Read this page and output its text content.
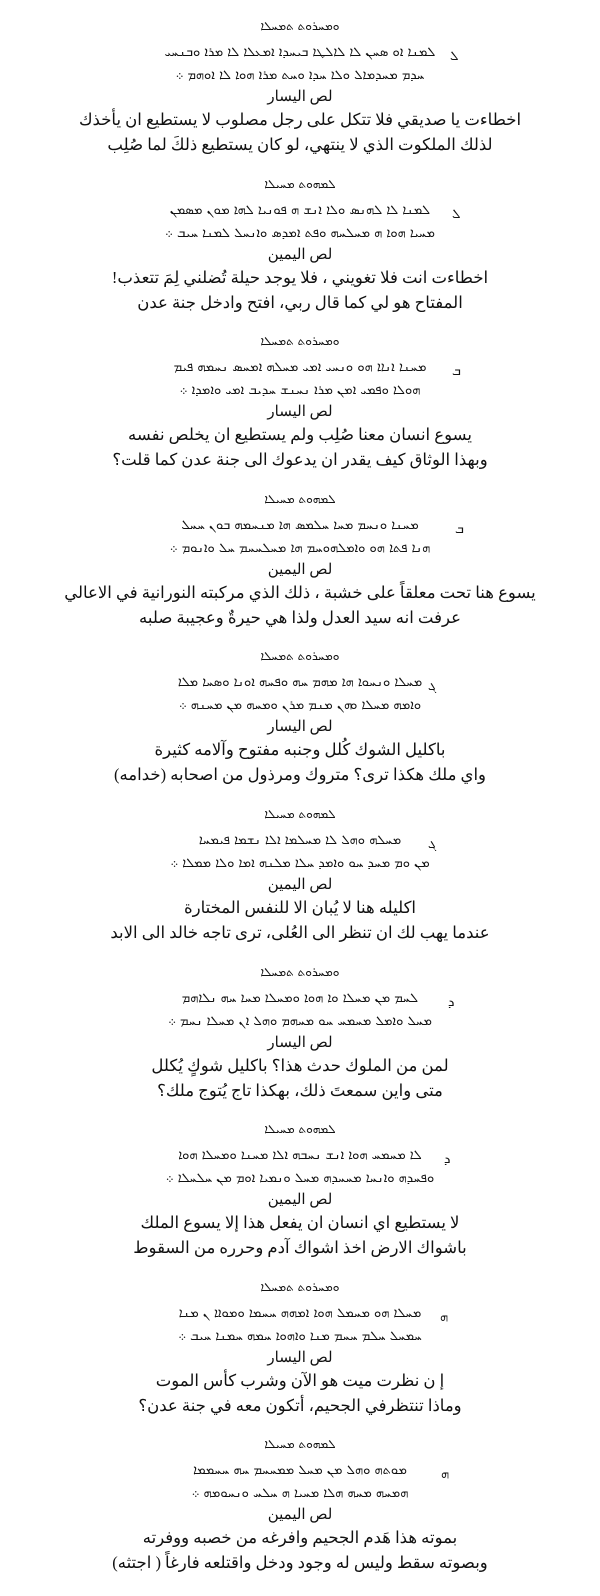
ܘܡܚܪܘܬ ܬܡܚܠܐ
ܠܡܢܐ ܐܘ ܣܚܢ ܠܐ ܠܐܠܛܐ ܒܝܚܕܐ ܐܡܥܠܐ ܠܐ ܡܪܐ ܘܒܢܚܝ
ܚܕܡ ܡܚܕܡܐܠ ܘܠܐ ܚܕܐ ܘܚܬ ܡܪܐ ܗܘܐ ܠܐ ܐܘܗܡ ܀
لص اليسار
اخطاءت يا صديقي فلا تتكل على رجل مصلوب لا يستطيع ان يأخذك
لذلك الملكوت الذي لا ينتهي، لو كان يستطيع ذلكَ لما صُلِب
ܠ
ܠܡܗܘܬ ܡܚܝܠܐ
ܠܡܢܐ ܠܐ ܠܗܢܣ ܘܠܐ ܐܢܫ ܗ ܦܘܢܝܐ ܠܗܐ ܡܘܢ ܡܣܡܢ
ܡܚܝܐ ܗܘܐ ܗ ܡܚܠܚܗ ܘܦܬ ܐܡܕܣ ܘܐܢܚܠ ܠܡܢܐ ܚܝܒ ܀
لص اليمين
اخطاءت انت فلا تغويني ، فلا يوجد حيلة تُضلني لِمَ تتعذب!
المفتاح هو لي كما قال ربي، افتح وادخل جنة عدن
ܠ
ܘܡܚܪܘܬ ܬܡܚܠܐ
ܡܚܢܐ ܐܢܐܐ ܗܘ ܘܢܚܝ ܐܡܝ ܡܚܠܗ ܐܡܚܣ ܢܚܡܗ ܦܝܡ
ܗܘܠܐ ܘܦܡܝ ܐܡܢ ܡܪܐ ܢܚܢܫ ܚܕܝܒ ܐܡܝ ܘܐܡܕܐ ܀
لص اليسار
يسوع انسان معنا صُلِب ولم يستطيع ان يخلص نفسه
وبهذا الوثاق كيف يقدر ان يدعوك الى جنة عدن كما قلت؟
ܒ
ܠܡܗܘܬ ܡܚܝܠܐ
ܡܚܢܐ ܘܢܚܡ ܡܚܐ ܚܠܡܣ ܗܐ ܡܢܚܡܗ ܒܘܢ ܚܚܠ
ܗܢܐ ܦܬܐ ܗܘ ܘܐܡܠܗܘܚܡ ܗܐ ܡܚܠܚܚܡ ܚܠ ܘܐܢܘܡ ܀
لص اليمين
يسوع هنا تحت معلقاً على خشبة ، ذلك الذي مركبته النورانية في الاعالي
عرفت انه سيد العدل ولذا هي حيرةٌ وعجيبة صلبه
ܒ
ܘܡܚܪܘܬ ܬܡܚܠܐ
ܡܚܠܐ ܘܢܚܘܐ ܗܐ ܡܗܡ ܚܗ ܘܦܚܗ ܐܘܢܐ ܘܣܚܐ ܡܠܐ
ܘܐܡܗ ܡܚܠܐ ܘܗܢ ܡܢܡ ܡܪܢ ܘܡܚܗ ܡܢ ܡܚܢܗ ܀
لص اليسار
باكليل الشوك كُلل وجنبه مفتوح وآلامه كثيرة
واي ملك هكذا ترى؟ متروك ومرذول من اصحابه (خدامه)
ܓ
ܠܡܗܘܬ ܡܚܝܠܐ
ܡܚܠܗ ܘܗܠ ܠܐ ܡܚܠܡܐ ܐܠܐ ܢܫܡܐ ܦܝܡܚܐ
ܡܢ ܘܡ ܡܚܕ ܚܘ ܘܐܡܕ ܚܠܐ ܡܠܢܗ ܐܡܐ ܘܠܐ ܡܡܠܐ ܀
لص اليمين
اكليله هنا لا يُبان الا للنفس المختارة
عندما يهب لك ان تنظر الى العُلى، ترى تاجه خالد الى الابد
ܓ
ܘܡܚܪܘܬ ܬܡܚܠܐ
ܠܚܡ ܡܢ ܡܚܠܐ ܘܐ ܗܘܐ ܘܡܚܠܐ ܡܚܐ ܚܗ ܢܠܐܗܡ
ܡܚܠ ܘܐܡܠ ܡܚܡܚ ܚܘ ܡܚܗܡ ܘܗܠ ܐܢ ܡܚܠܐ ܢܚܡ ܀
لص اليسار
لمن من الملوك حدث هذا؟ باكليل شوكٍ يُكلل
متى واين سمعتَ ذلك، بهكذا تاج يُتوج ملك؟
ܕ
ܠܡܗܘܬ ܡܚܝܠܐ
ܠܐ ܡܚܡܚ ܗܘܐ ܐܢܫ ܢܚܒܗ ܐܠܐ ܡܚܢܐ ܘܡܚܠܐ ܗܘܐ
ܘܦܚܕܗ ܘܐܢܚܐ ܡܚܚܕܗ ܡܚܠ ܘܢܡܝܐ ܐܘܡ ܡܢ ܚܠܚܠܐ ܀
لص اليمين
لا يستطيع اي انسان ان يفعل هذا إلا يسوع الملك
باشواك الارض اخذ اشواك آدم وحرره من السقوط
ܕ
ܘܡܚܪܘܬ ܬܡܚܠܐ
ܡܚܠܐ ܗܘ ܡܚܡܠ ܗܘܐ ܐܡܗܗ ܚܚܡܐ ܘܡܘܐܐ ܢ ܡܢܐ
ܚܡܚܠ ܚܠܡ ܚܚܡ ܡܢܐ ܘܐܗܘܐ ܚܡܗ ܚܡܢܐ ܚܝܒ ܀
لص اليسار
إ ن نظرت ميت هو الآن وشرب كأس الموت
وماذا تنتظرفي الجحيم، أتكون معه في جنة عدن؟
ܗ
ܠܡܗܘܬ ܡܚܝܠܐ
ܡܘܬܗ ܘܗܠ ܡܢ ܡܚܠ ܡܡܚܚܡ ܚܗ ܚܚܡܡܐ
ܗܡܚܗ ܡܚܗ ܗܠܐ ܡܚܝܐ ܗ ܚܠܚ ܘܢܚܘܡܗ ܀
لص اليمين
بموته هذا هَدم الجحيم وافرغه من خصبه ووفرته
وبصوته سقط وليس له وجود ودخل واقتلعه فارغاً ( اجتثه)
ܗ
